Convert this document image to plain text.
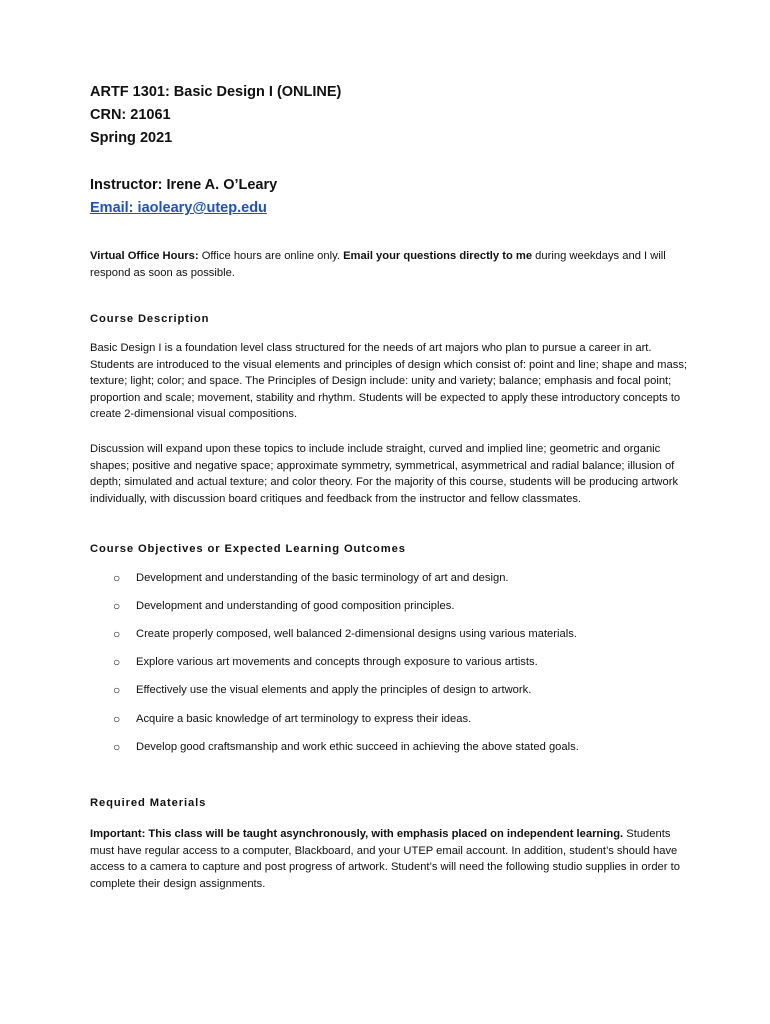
ARTF 1301: Basic Design I (ONLINE)

CRN: 21061

Spring 2021

Instructor: Irene A. O’Leary

Email: iaoleary@utep.edu

Virtual Office Hours: Office hours are online only. Email your questions directly to me during weekdays and I will respond as soon as possible.

Course Description

Basic Design I is a foundation level class structured for the needs of art majors who plan to pursue a career in art. Students are introduced to the visual elements and principles of design which consist of: point and line; shape and mass; texture; light; color; and space. The Principles of Design include: unity and variety; balance; emphasis and focal point; proportion and scale; movement, stability and rhythm. Students will be expected to apply these introductory concepts to create 2-dimensional visual compositions.

Discussion will expand upon these topics to include include straight, curved and implied line; geometric and organic shapes; positive and negative space; approximate symmetry, symmetrical, asymmetrical and radial balance; illusion of depth; simulated and actual texture; and color theory. For the majority of this course, students will be producing artwork individually, with discussion board critiques and feedback from the instructor and fellow classmates.

Course Objectives or Expected Learning Outcomes

○ Development and understanding of the basic terminology of art and design.
○ Development and understanding of good composition principles.
○ Create properly composed, well balanced 2-dimensional designs using various materials.
○ Explore various art movements and concepts through exposure to various artists.
○ Effectively use the visual elements and apply the principles of design to artwork.
○ Acquire a basic knowledge of art terminology to express their ideas.
○ Develop good craftsmanship and work ethic succeed in achieving the above stated goals.

Required Materials

Important: This class will be taught asynchronously, with emphasis placed on independent learning. Students must have regular access to a computer, Blackboard, and your UTEP email account. In addition, student’s should have access to a camera to capture and post progress of artwork. Student’s will need the following studio supplies in order to complete their design assignments.
